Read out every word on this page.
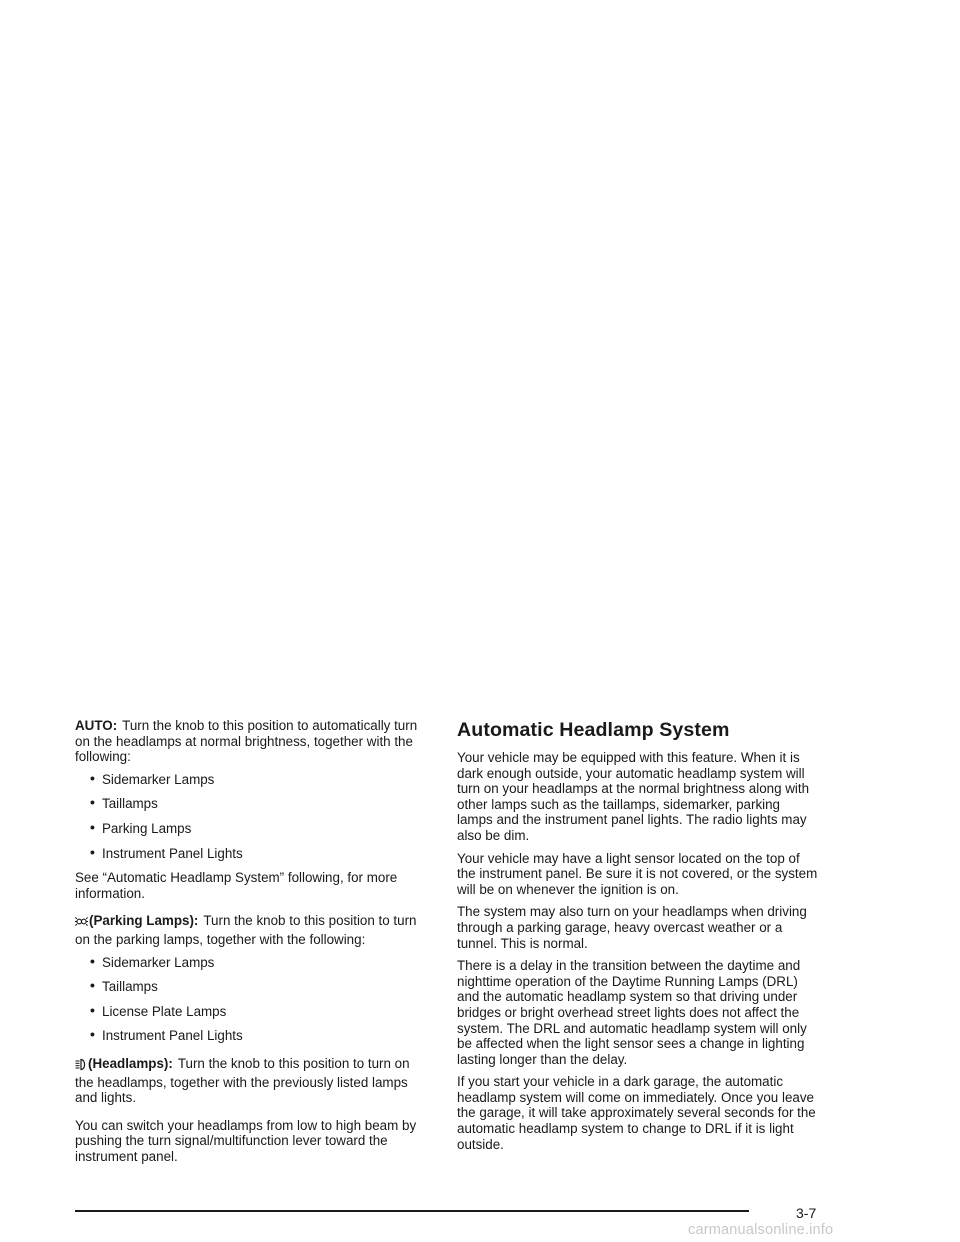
AUTO: Turn the knob to this position to automatically turn on the headlamps at normal brightness, together with the following:

• Sidemarker Lamps
• Taillamps
• Parking Lamps
• Instrument Panel Lights

See “Automatic Headlamp System” following, for more information.

(Parking Lamps): Turn the knob to this position to turn on the parking lamps, together with the following:

• Sidemarker Lamps
• Taillamps
• License Plate Lamps
• Instrument Panel Lights

(Headlamps): Turn the knob to this position to turn on the headlamps, together with the previously listed lamps and lights.

You can switch your headlamps from low to high beam by pushing the turn signal/multifunction lever toward the instrument panel.

Automatic Headlamp System

Your vehicle may be equipped with this feature. When it is dark enough outside, your automatic headlamp system will turn on your headlamps at the normal brightness along with other lamps such as the taillamps, sidemarker, parking lamps and the instrument panel lights. The radio lights may also be dim.

Your vehicle may have a light sensor located on the top of the instrument panel. Be sure it is not covered, or the system will be on whenever the ignition is on.

The system may also turn on your headlamps when driving through a parking garage, heavy overcast weather or a tunnel. This is normal.

There is a delay in the transition between the daytime and nighttime operation of the Daytime Running Lamps (DRL) and the automatic headlamp system so that driving under bridges or bright overhead street lights does not affect the system. The DRL and automatic headlamp system will only be affected when the light sensor sees a change in lighting lasting longer than the delay.

If you start your vehicle in a dark garage, the automatic headlamp system will come on immediately. Once you leave the garage, it will take approximately several seconds for the automatic headlamp system to change to DRL if it is light outside.

3-7
carmanualsonline.info
